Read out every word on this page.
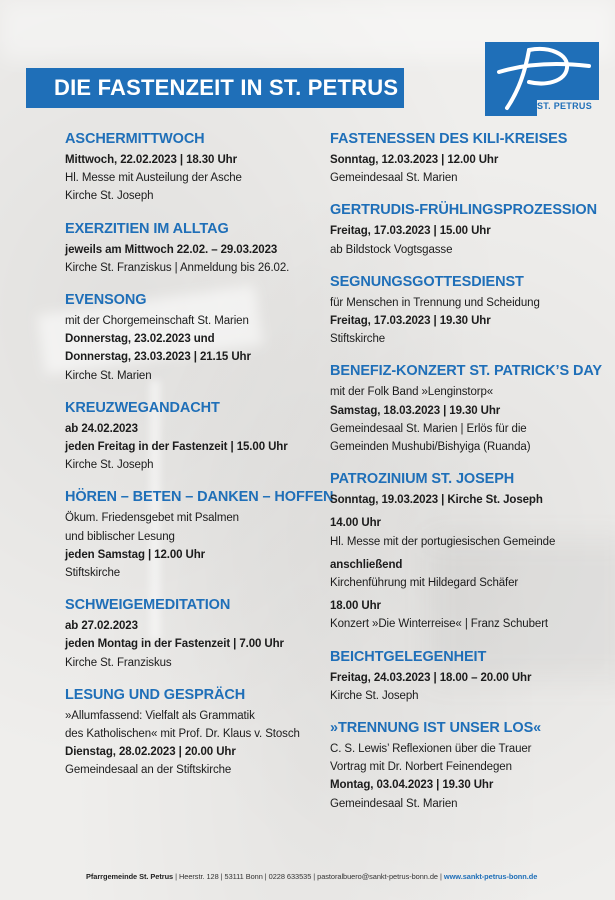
DIE FASTENZEIT IN ST. PETRUS
ST. PETRUS
ASCHERMITTWOCH
Mittwoch, 22.02.2023 | 18.30 Uhr
Hl. Messe mit Austeilung der Asche
Kirche St. Joseph
EXERZITIEN IM ALLTAG
jeweils am Mittwoch 22.02. – 29.03.2023
Kirche St. Franziskus | Anmeldung bis 26.02.
EVENSONG
mit der Chorgemeinschaft St. Marien
Donnerstag, 23.02.2023 und
Donnerstag, 23.03.2023 | 21.15 Uhr
Kirche St. Marien
KREUZWEGANDACHT
ab 24.02.2023
jeden Freitag in der Fastenzeit | 15.00 Uhr
Kirche St. Joseph
HÖREN – BETEN – DANKEN – HOFFEN
Ökum. Friedensgebet mit Psalmen
und biblischer Lesung
jeden Samstag | 12.00 Uhr
Stiftskirche
SCHWEIGEMEDITATION
ab 27.02.2023
jeden Montag in der Fastenzeit | 7.00 Uhr
Kirche St. Franziskus
LESUNG UND GESPRÄCH
»Allumfassend: Vielfalt als Grammatik
des Katholischen« mit Prof. Dr. Klaus v. Stosch
Dienstag, 28.02.2023 | 20.00 Uhr
Gemeindesaal an der Stiftskirche
FASTENESSEN DES KILI-KREISES
Sonntag, 12.03.2023 | 12.00 Uhr
Gemeindesaal St. Marien
GERTRUDIS-FRÜHLINGSPROZESSION
Freitag, 17.03.2023 | 15.00 Uhr
ab Bildstock Vogtsgasse
SEGNUNGSGOTTESDIENST
für Menschen in Trennung und Scheidung
Freitag, 17.03.2023 | 19.30 Uhr
Stiftskirche
BENEFIZ-KONZERT ST. PATRICK’S DAY
mit der Folk Band »Lenginstorp«
Samstag, 18.03.2023 | 19.30 Uhr
Gemeindesaal St. Marien | Erlös für die
Gemeinden Mushubi/Bishyiga (Ruanda)
PATROZINIUM ST. JOSEPH
Sonntag, 19.03.2023 | Kirche St. Joseph
14.00 Uhr
Hl. Messe mit der portugiesischen Gemeinde
anschließend
Kirchenführung mit Hildegard Schäfer
18.00 Uhr
Konzert »Die Winterreise« | Franz Schubert
BEICHTGELEGENHEIT
Freitag, 24.03.2023 | 18.00 – 20.00 Uhr
Kirche St. Joseph
»TRENNUNG IST UNSER LOS«
C. S. Lewis’ Reflexionen über die Trauer
Vortrag mit Dr. Norbert Feinendegen
Montag, 03.04.2023 | 19.30 Uhr
Gemeindesaal St. Marien
Pfarrgemeinde St. Petrus | Heerstr. 128 | 53111 Bonn | 0228 633535 | pastoralbuero@sankt-petrus-bonn.de | www.sankt-petrus-bonn.de
